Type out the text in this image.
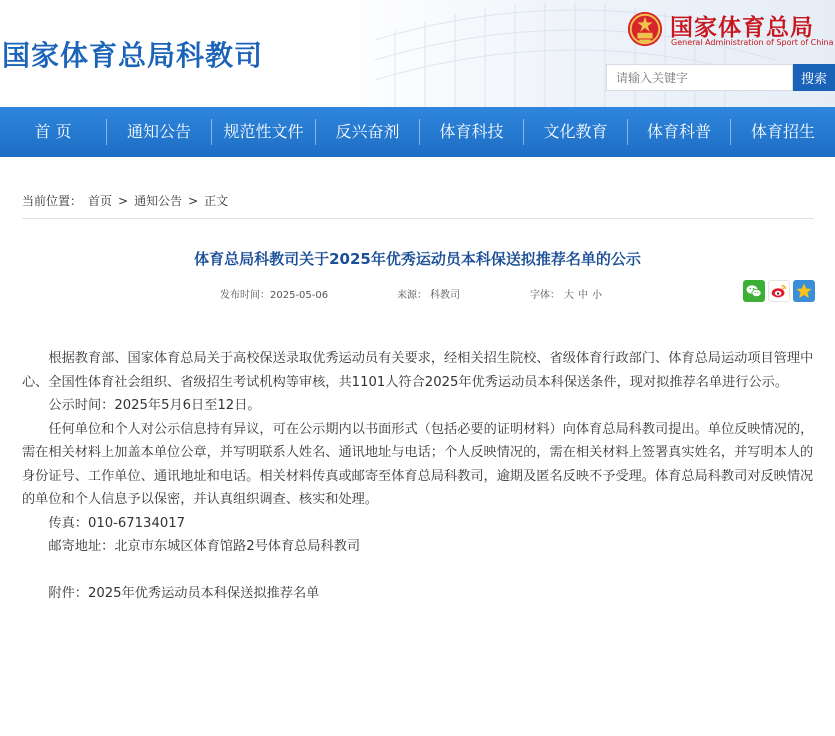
国家体育总局科教司
国家体育总局
General Administration of Sport of China
请输入关键字
搜索
首 页	通知公告	规范性文件	反兴奋剂	体育科技	文化教育	体育科普	体育招生
当前位置： 首页 > 通知公告 > 正文
体育总局科教司关于2025年优秀运动员本科保送拟推荐名单的公示
发布时间：2025-05-06	来源： 科教司	字体： 大 中 小

根据教育部、国家体育总局关于高校保送录取优秀运动员有关要求，经相关招生院校、省级体育行政部门、体育总局运动项目管理中心、全国性体育社会组织、省级招生考试机构等审核，共1101人符合2025年优秀运动员本科保送条件，现对拟推荐名单进行公示。

公示时间：2025年5月6日至12日。

任何单位和个人对公示信息持有异议，可在公示期内以书面形式（包括必要的证明材料）向体育总局科教司提出。单位反映情况的，需在相关材料上加盖本单位公章，并写明联系人姓名、通讯地址与电话；个人反映情况的，需在相关材料上签署真实姓名，并写明本人的身份证号、工作单位、通讯地址和电话。相关材料传真或邮寄至体育总局科教司，逾期及匿名反映不予受理。体育总局科教司对反映情况的单位和个人信息予以保密，并认真组织调查、核实和处理。

传真：010-67134017

邮寄地址：北京市东城区体育馆路2号体育总局科教司

附件：2025年优秀运动员本科保送拟推荐名单
